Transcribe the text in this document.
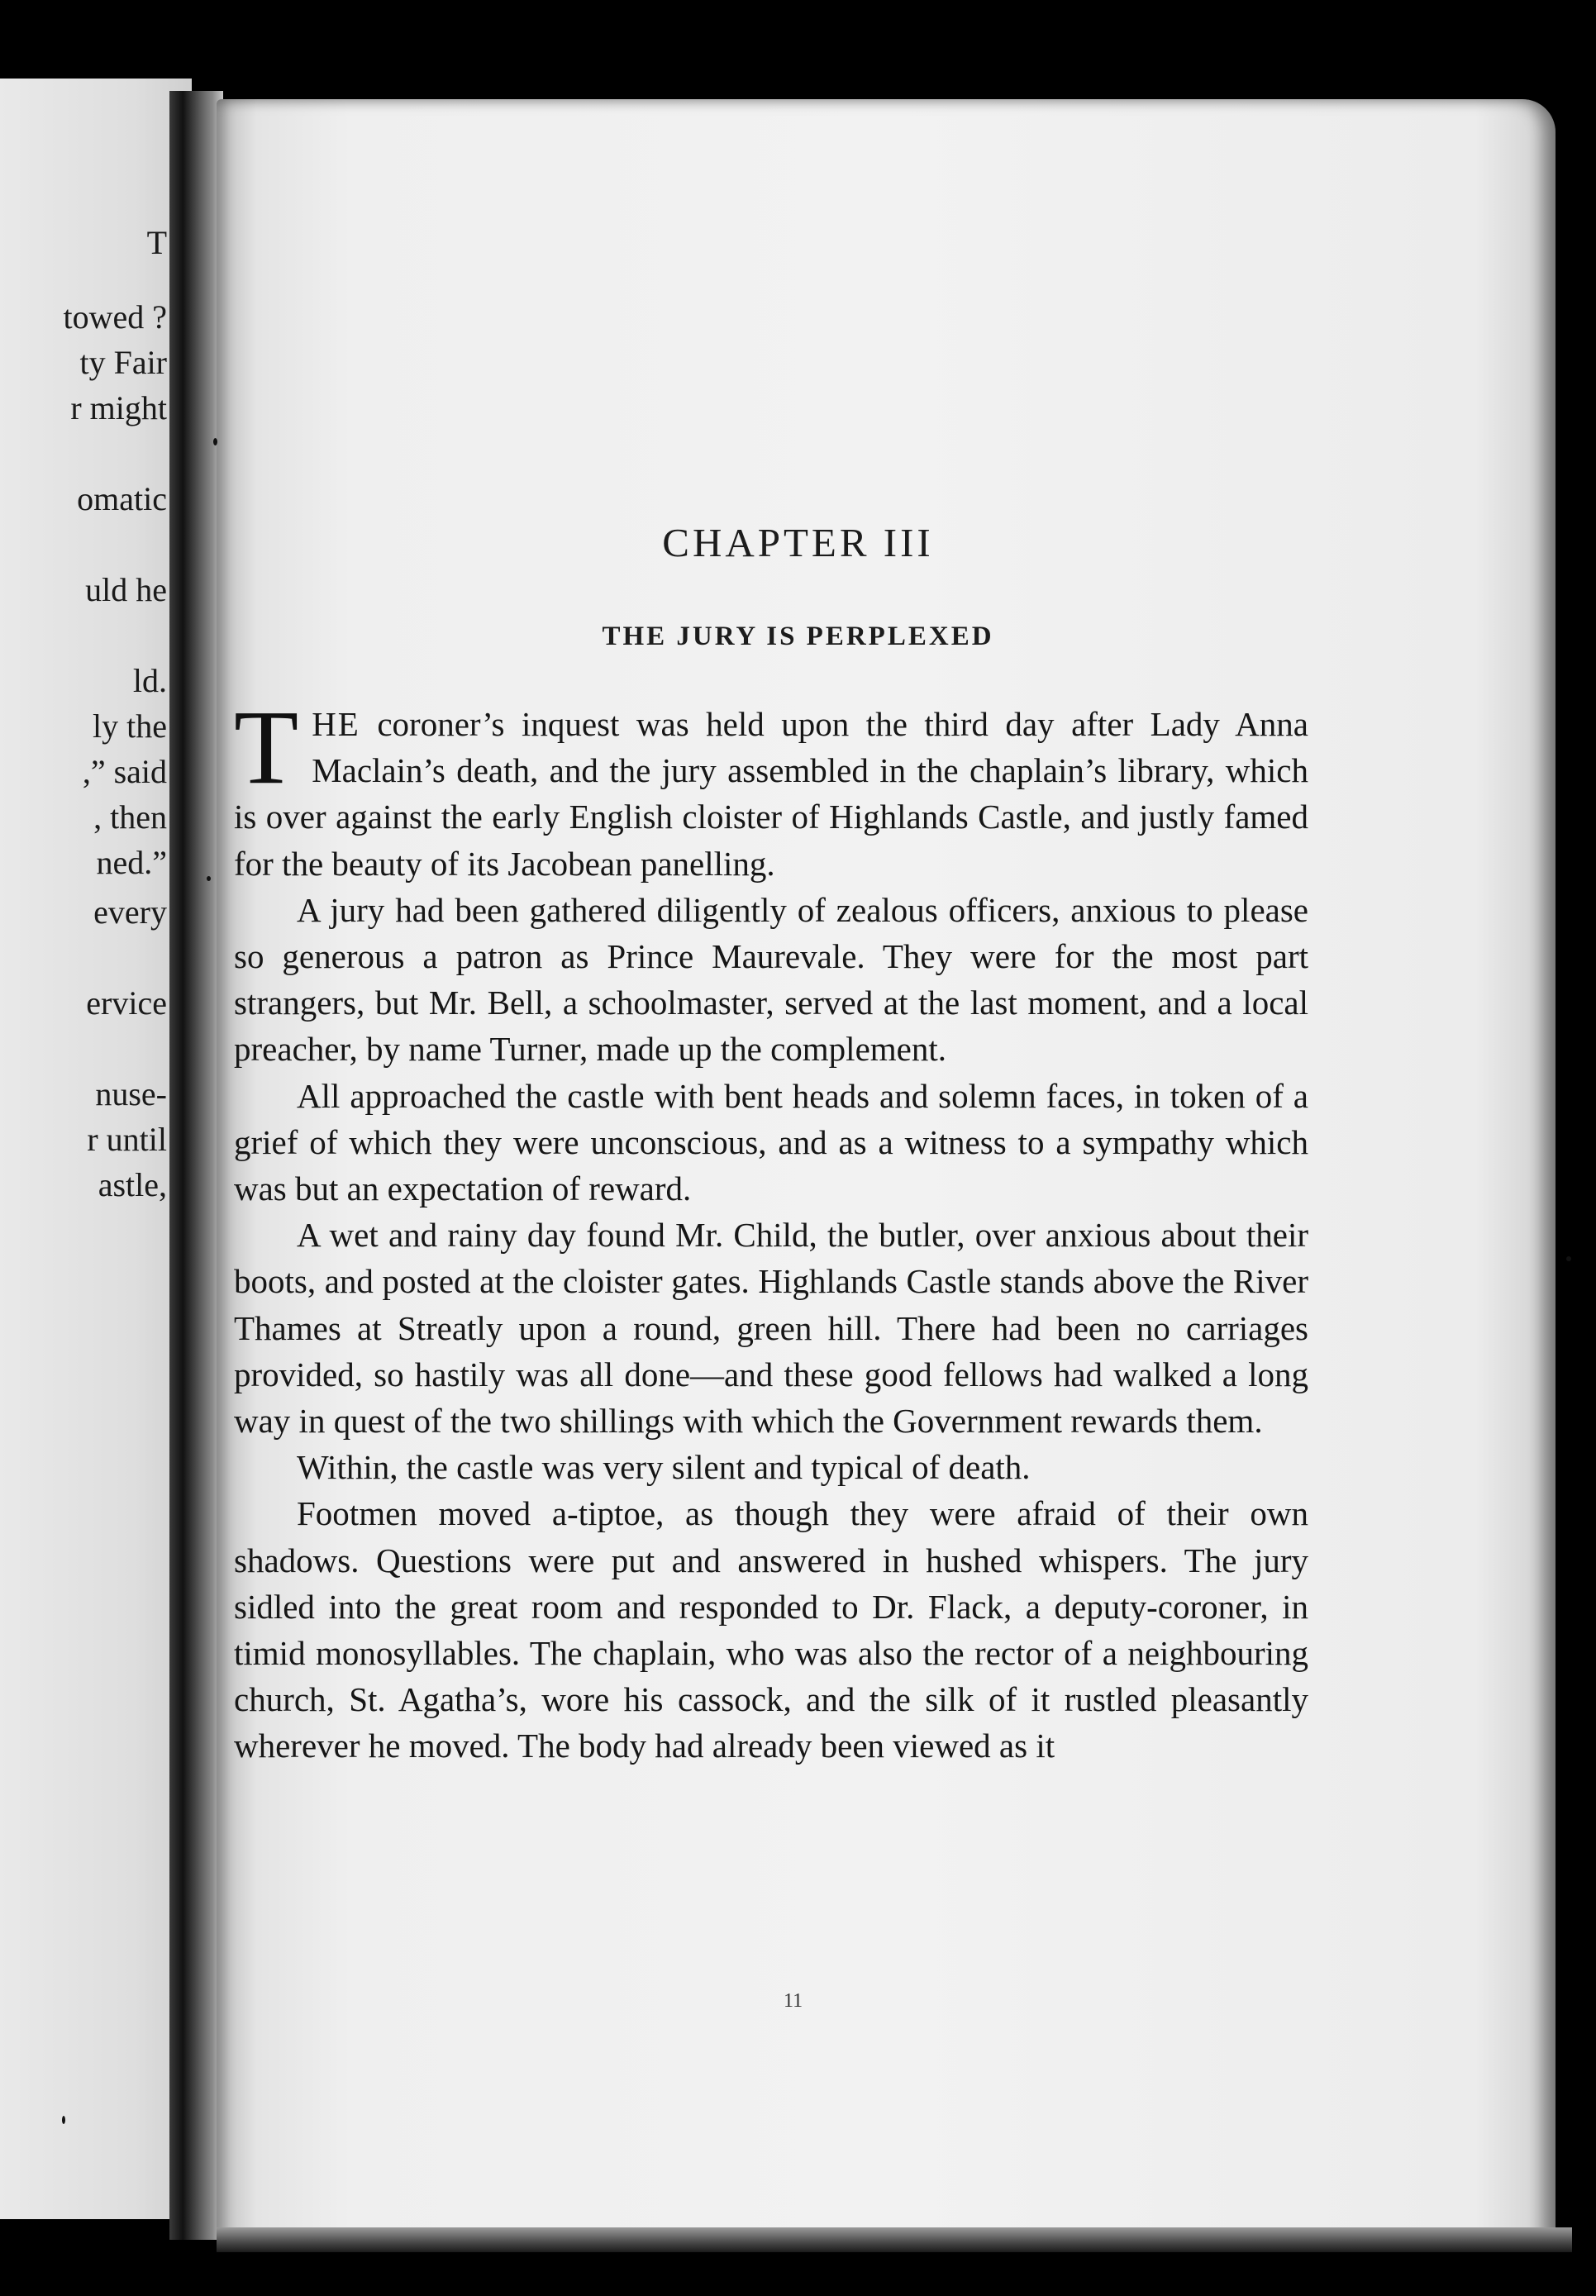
T
towed ?
ty Fair
r might
omatic
uld he
ld.
ly the
,” said
, then
ned.”
every
ervice
nuse-
r until
astle,
CHAPTER III
THE JURY IS PERPLEXED

THE coroner’s inquest was held upon the third day after Lady Anna Maclain’s death, and the jury assembled in the chaplain’s library, which is over against the early English cloister of Highlands Castle, and justly famed for the beauty of its Jacobean panelling.

A jury had been gathered diligently of zealous officers, anxious to please so generous a patron as Prince Maurevale. They were for the most part strangers, but Mr. Bell, a schoolmaster, served at the last moment, and a local preacher, by name Turner, made up the complement.

All approached the castle with bent heads and solemn faces, in token of a grief of which they were unconscious, and as a witness to a sympathy which was but an expectation of reward.

A wet and rainy day found Mr. Child, the butler, over anxious about their boots, and posted at the cloister gates. Highlands Castle stands above the River Thames at Streatly upon a round, green hill. There had been no carriages provided, so hastily was all done—and these good fellows had walked a long way in quest of the two shillings with which the Government rewards them.

Within, the castle was very silent and typical of death.

Footmen moved a-tiptoe, as though they were afraid of their own shadows. Questions were put and answered in hushed whispers. The jury sidled into the great room and responded to Dr. Flack, a deputy-coroner, in timid monosyllables. The chaplain, who was also the rector of a neighbouring church, St. Agatha’s, wore his cassock, and the silk of it rustled pleasantly wherever he moved. The body had already been viewed as it

11
